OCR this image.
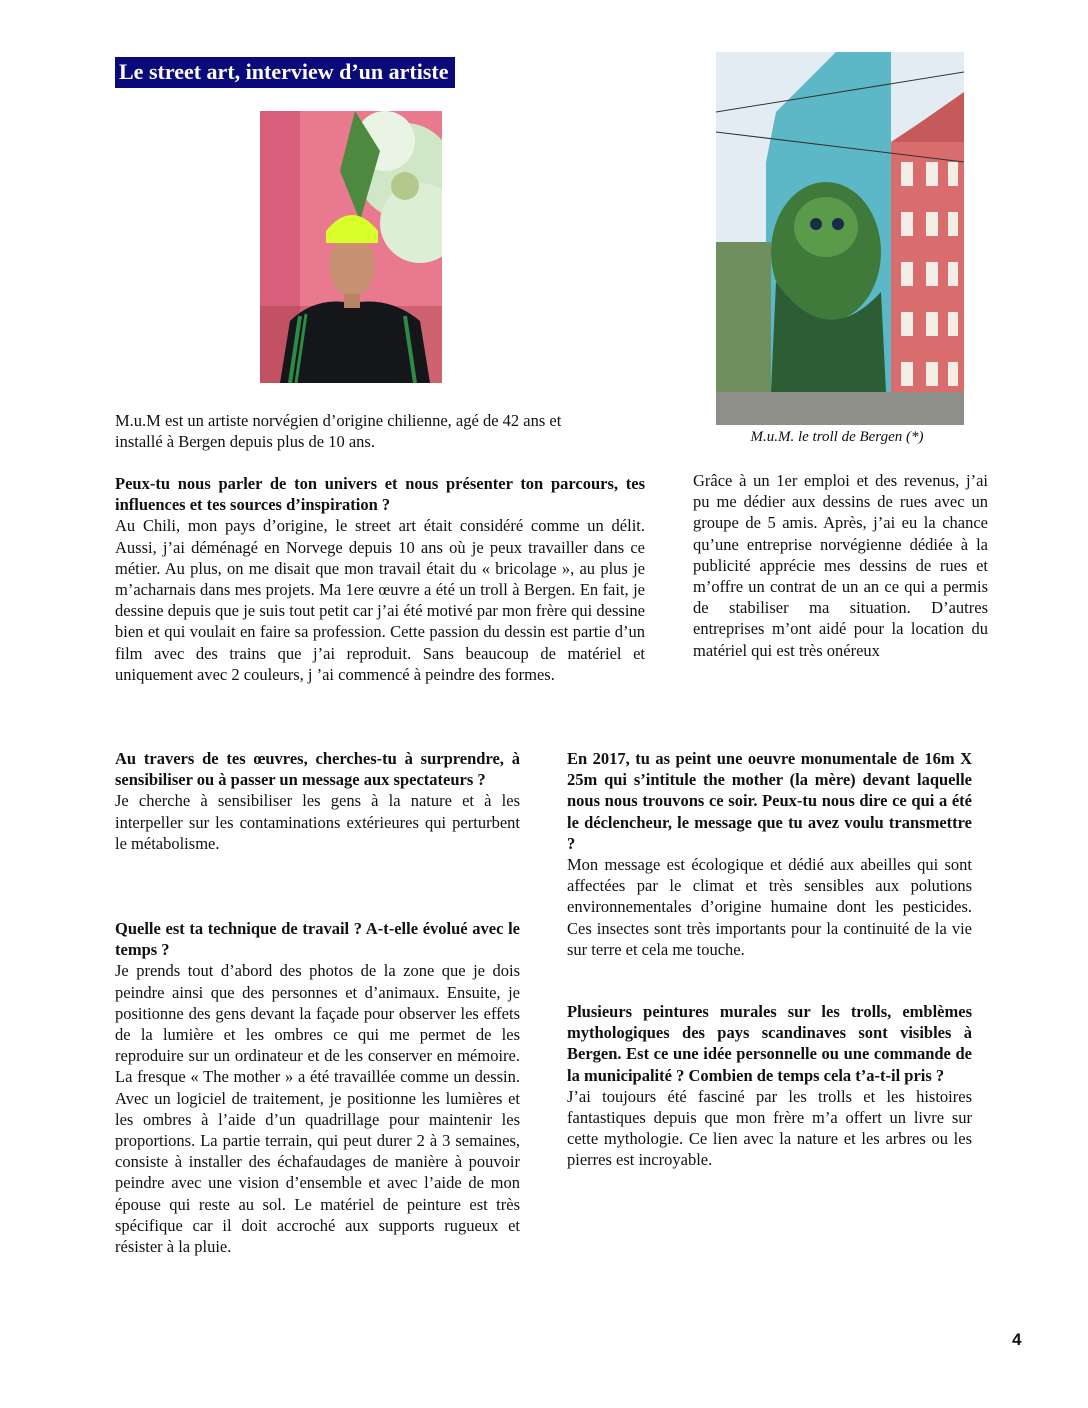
Le street art, interview d’un artiste
M.u.M. le troll de Bergen (*)
M.u.M est un artiste norvégien d’origine chilienne, agé de 42 ans et installé à Bergen depuis plus de 10 ans.
Peux-tu nous parler de ton univers et nous présenter ton parcours, tes influences et tes sources d’inspiration ?
Au Chili, mon pays d’origine, le street art était considéré comme un délit. Aussi, j’ai déménagé en Norvege depuis 10 ans où je peux travailler dans ce métier. Au plus, on me disait que mon travail était du « bricolage », au plus je m’acharnais dans mes projets. Ma 1ere œuvre a été un troll à Bergen. En fait, je dessine depuis que je suis tout petit car j’ai été motivé par mon frère qui dessine bien et qui voulait en faire sa profession. Cette passion du dessin est partie d’un film avec des trains que j’ai reproduit. Sans beaucoup de matériel et uniquement avec 2 couleurs, j ’ai commencé à peindre des formes.
Grâce à un 1er emploi et des revenus, j’ai pu me dédier aux dessins de rues avec un groupe de 5 amis. Après, j’ai eu la chance qu’une entreprise norvégienne dédiée à la publicité apprécie mes dessins de rues et m’offre un contrat de un an ce qui a permis de stabiliser ma situation. D’autres entreprises m’ont aidé pour la location du matériel qui est très onéreux
Au travers de tes œuvres, cherches-tu à surprendre, à sensibiliser ou à passer un message aux spectateurs ?
Je cherche à sensibiliser les gens à la nature et à les interpeller sur les contaminations extérieures qui perturbent le métabolisme.
Quelle est ta technique de travail ? A-t-elle évolué avec le temps ?
Je prends tout d’abord des photos de la zone que je dois peindre ainsi que des personnes et d’animaux. Ensuite, je positionne des gens devant la façade pour observer les effets de la lumière et les ombres ce qui me permet de les reproduire sur un ordinateur et de les conserver en mémoire. La fresque « The mother » a été travaillée comme un dessin. Avec un logiciel de traitement, je positionne les lumières et les ombres à l’aide d’un quadrillage pour maintenir les proportions. La partie terrain, qui peut durer 2 à 3 semaines, consiste à installer des échafaudages de manière à pouvoir peindre avec une vision d’ensemble et avec l’aide de mon épouse qui reste au sol. Le matériel de peinture est très spécifique car il doit accroché aux supports rugueux et résister à la pluie.
En 2017, tu as peint une oeuvre monumentale de 16m X 25m qui s’intitule the mother (la mère) devant laquelle nous nous trouvons ce soir. Peux-tu nous dire ce qui a été le déclencheur, le message que tu avez voulu transmettre ?
Mon message est écologique et dédié aux abeilles qui sont affectées par le climat et très sensibles aux polutions environnementales d’origine humaine dont les pesticides. Ces insectes sont très importants pour la continuité de la vie sur terre et cela me touche.
Plusieurs peintures murales sur les trolls, emblèmes mythologiques des pays scandinaves sont visibles à Bergen. Est ce une idée personnelle ou une commande de la municipalité ? Combien de temps cela t’a-t-il pris ?
J’ai toujours été fasciné par les trolls et les histoires fantastiques depuis que mon frère m’a offert un livre sur cette mythologie. Ce lien avec la nature et les arbres ou les pierres est incroyable.
4
